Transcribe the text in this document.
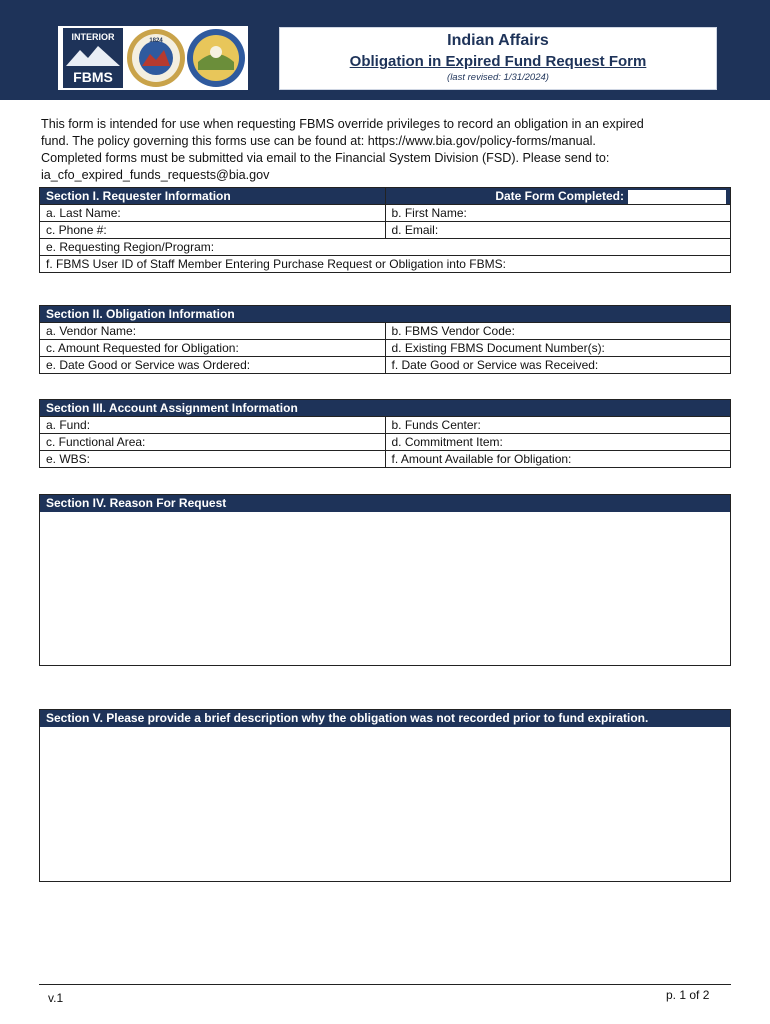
INTERIOR
FBMS
1824	Indian Affairs
Obligation in Expired Fund Request Form
(last revised: 1/31/2024)

This form is intended for use when requesting FBMS override privileges to record an obligation in an expired

fund. The policy governing this forms use can be found at: https://www.bia.gov/policy-forms/manual.

Completed forms must be submitted via email to the Financial System Division (FSD). Please send to:

ia_cfo_expired_funds_requests@bia.gov

Section I. Requester Information	Date Form Completed:
a. Last Name:	b. First Name:
c. Phone #:	d. Email:
e. Requesting Region/Program:	
f. FBMS User ID of Staff Member Entering Purchase Request or Obligation into FBMS:	
Section II. Obligation Information	
a. Vendor Name:	b. FBMS Vendor Code:
c. Amount Requested for Obligation:	d. Existing FBMS Document Number(s):
e. Date Good or Service was Ordered:	f. Date Good or Service was Received:
Section III. Account Assignment Information	
a. Fund:	b. Funds Center:
c. Functional Area:	d. Commitment Item:
e. WBS:	f. Amount Available for Obligation:
Section IV. Reason For Request
Section V. Please provide a brief description why the obligation was not recorded prior to fund expiration.
v.1	p. 1 of 2
